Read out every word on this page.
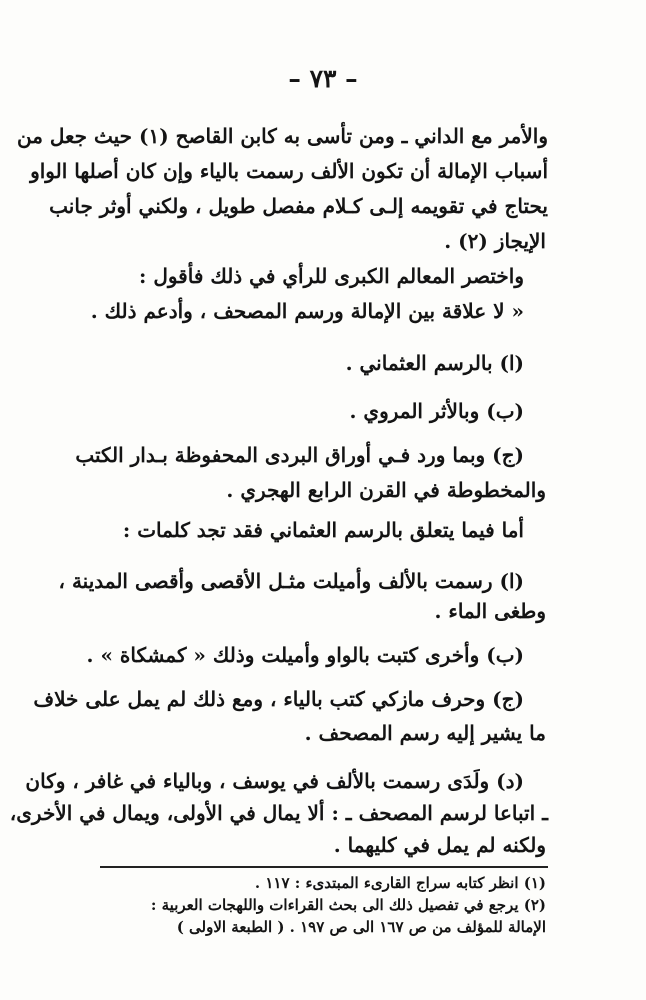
– ٧٣ –
والأمر مع الداني ـ ومن تأسى به كابن القاصح (١) حيث جعل من
أسباب الإمالة أن تكون الألف رسمت بالياء وإن كان أصلها الواو
يحتاج في تقويمه إلـى كـلام مفصل طويل ، ولكني أوثر جانب
الإيجاز (٢) .
واختصر المعالم الكبرى للرأي في ذلك فأقول :
« لا علاقة بين الإمالة ورسم المصحف ، وأدعم ذلك .
(ا) بالرسم العثماني .
(ب) وبالأثر المروي .
(ج) وبما ورد فـي أوراق البردى المحفوظة بـدار الكتب
والمخطوطة في القرن الرابع الهجري .
أما فيما يتعلق بالرسم العثماني فقد تجد كلمات :
(ا) رسمت بالألف وأميلت مثـل الأقصى وأقصى المدينة ،
وطغى الماء .
(ب) وأخرى كتبت بالواو وأميلت وذلك « كمشكاة » .
(ج) وحرف مازكي كتب بالياء ، ومع ذلك لم يمل على خلاف
ما يشير إليه رسم المصحف .
(د) ولَدَى رسمت بالألف في يوسف ، وبالياء في غافر ، وكان
ـ اتباعا لرسم المصحف ـ : ألا يمال في الأولى، ويمال في الأخرى،
ولكنه لم يمل في كليهما .
(١) انظر كتابه سراج القارىء المبتدىء : ١١٧ .
(٢) يرجع في تفصيل ذلك الى بحث القراءات واللهجات العربية :
الإمالة للمؤلف من ص ١٦٧ الى ص ١٩٧ . ( الطبعة الاولى )
